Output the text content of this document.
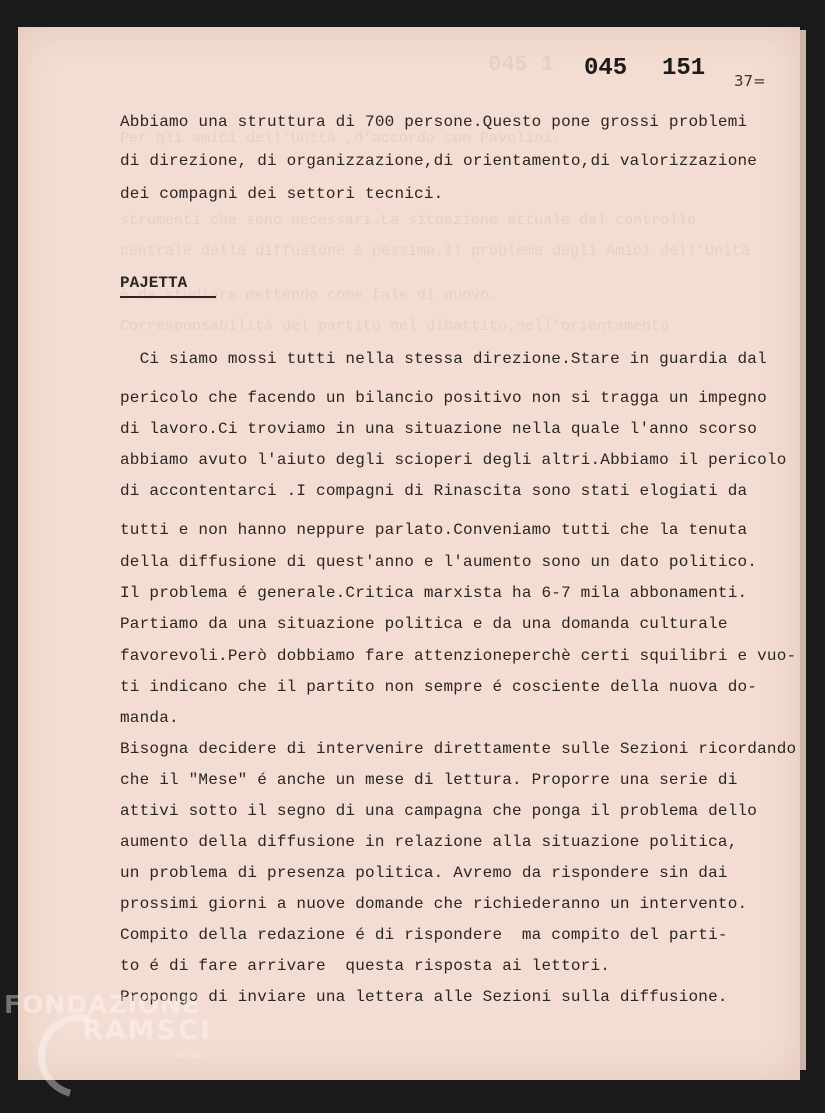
045 1
Per gli amici dell'Unità ,d'accordo con Pavolini.
strumenti che sono necessari.La situazione attuale del controllo
centrale della diffusione è pessima.Il problema degli Amici dell'Unità
è da studiare mettendo come tale di nuovo.
Corresponsabilità del partito nel dibattito,nell'orientamento
045 151 37=

Abbiamo una struttura di 700 persone.Questo pone grossi problemi

di direzione, di organizzazione,di orientamento,di valorizzazione

dei compagni dei settori tecnici.

PAJETTA

Ci siamo mossi tutti nella stessa direzione.Stare in guardia dal

pericolo che facendo un bilancio positivo non si tragga un impegno

di lavoro.Ci troviamo in una situazione nella quale l'anno scorso

abbiamo avuto l'aiuto degli scioperi degli altri.Abbiamo il pericolo

di accontentarci .I compagni di Rinascita sono stati elogiati da

tutti e non hanno neppure parlato.Conveniamo tutti che la tenuta

della diffusione di quest'anno e l'aumento sono un dato politico.

Il problema é generale.Critica marxista ha 6-7 mila abbonamenti.

Partiamo da una situazione politica e da una domanda culturale

favorevoli.Però dobbiamo fare attenzioneperchè certi squilibri e vuo-

ti indicano che il partito non sempre é cosciente della nuova do-

manda.

Bisogna decidere di intervenire direttamente sulle Sezioni ricordando

che il "Mese" é anche un mese di lettura. Proporre una serie di

attivi sotto il segno di una campagna che ponga il problema dello

aumento della diffusione in relazione alla situazione politica,

un problema di presenza politica. Avremo da rispondere sin dai

prossimi giorni a nuove domande che richiederanno un intervento.

Compito della redazione é di rispondere  ma compito del parti-

to é di fare arrivare  questa risposta ai lettori.

Propongo di inviare una lettera alle Sezioni sulla diffusione.

FONDAZIONE
RAMSCI
onlus
